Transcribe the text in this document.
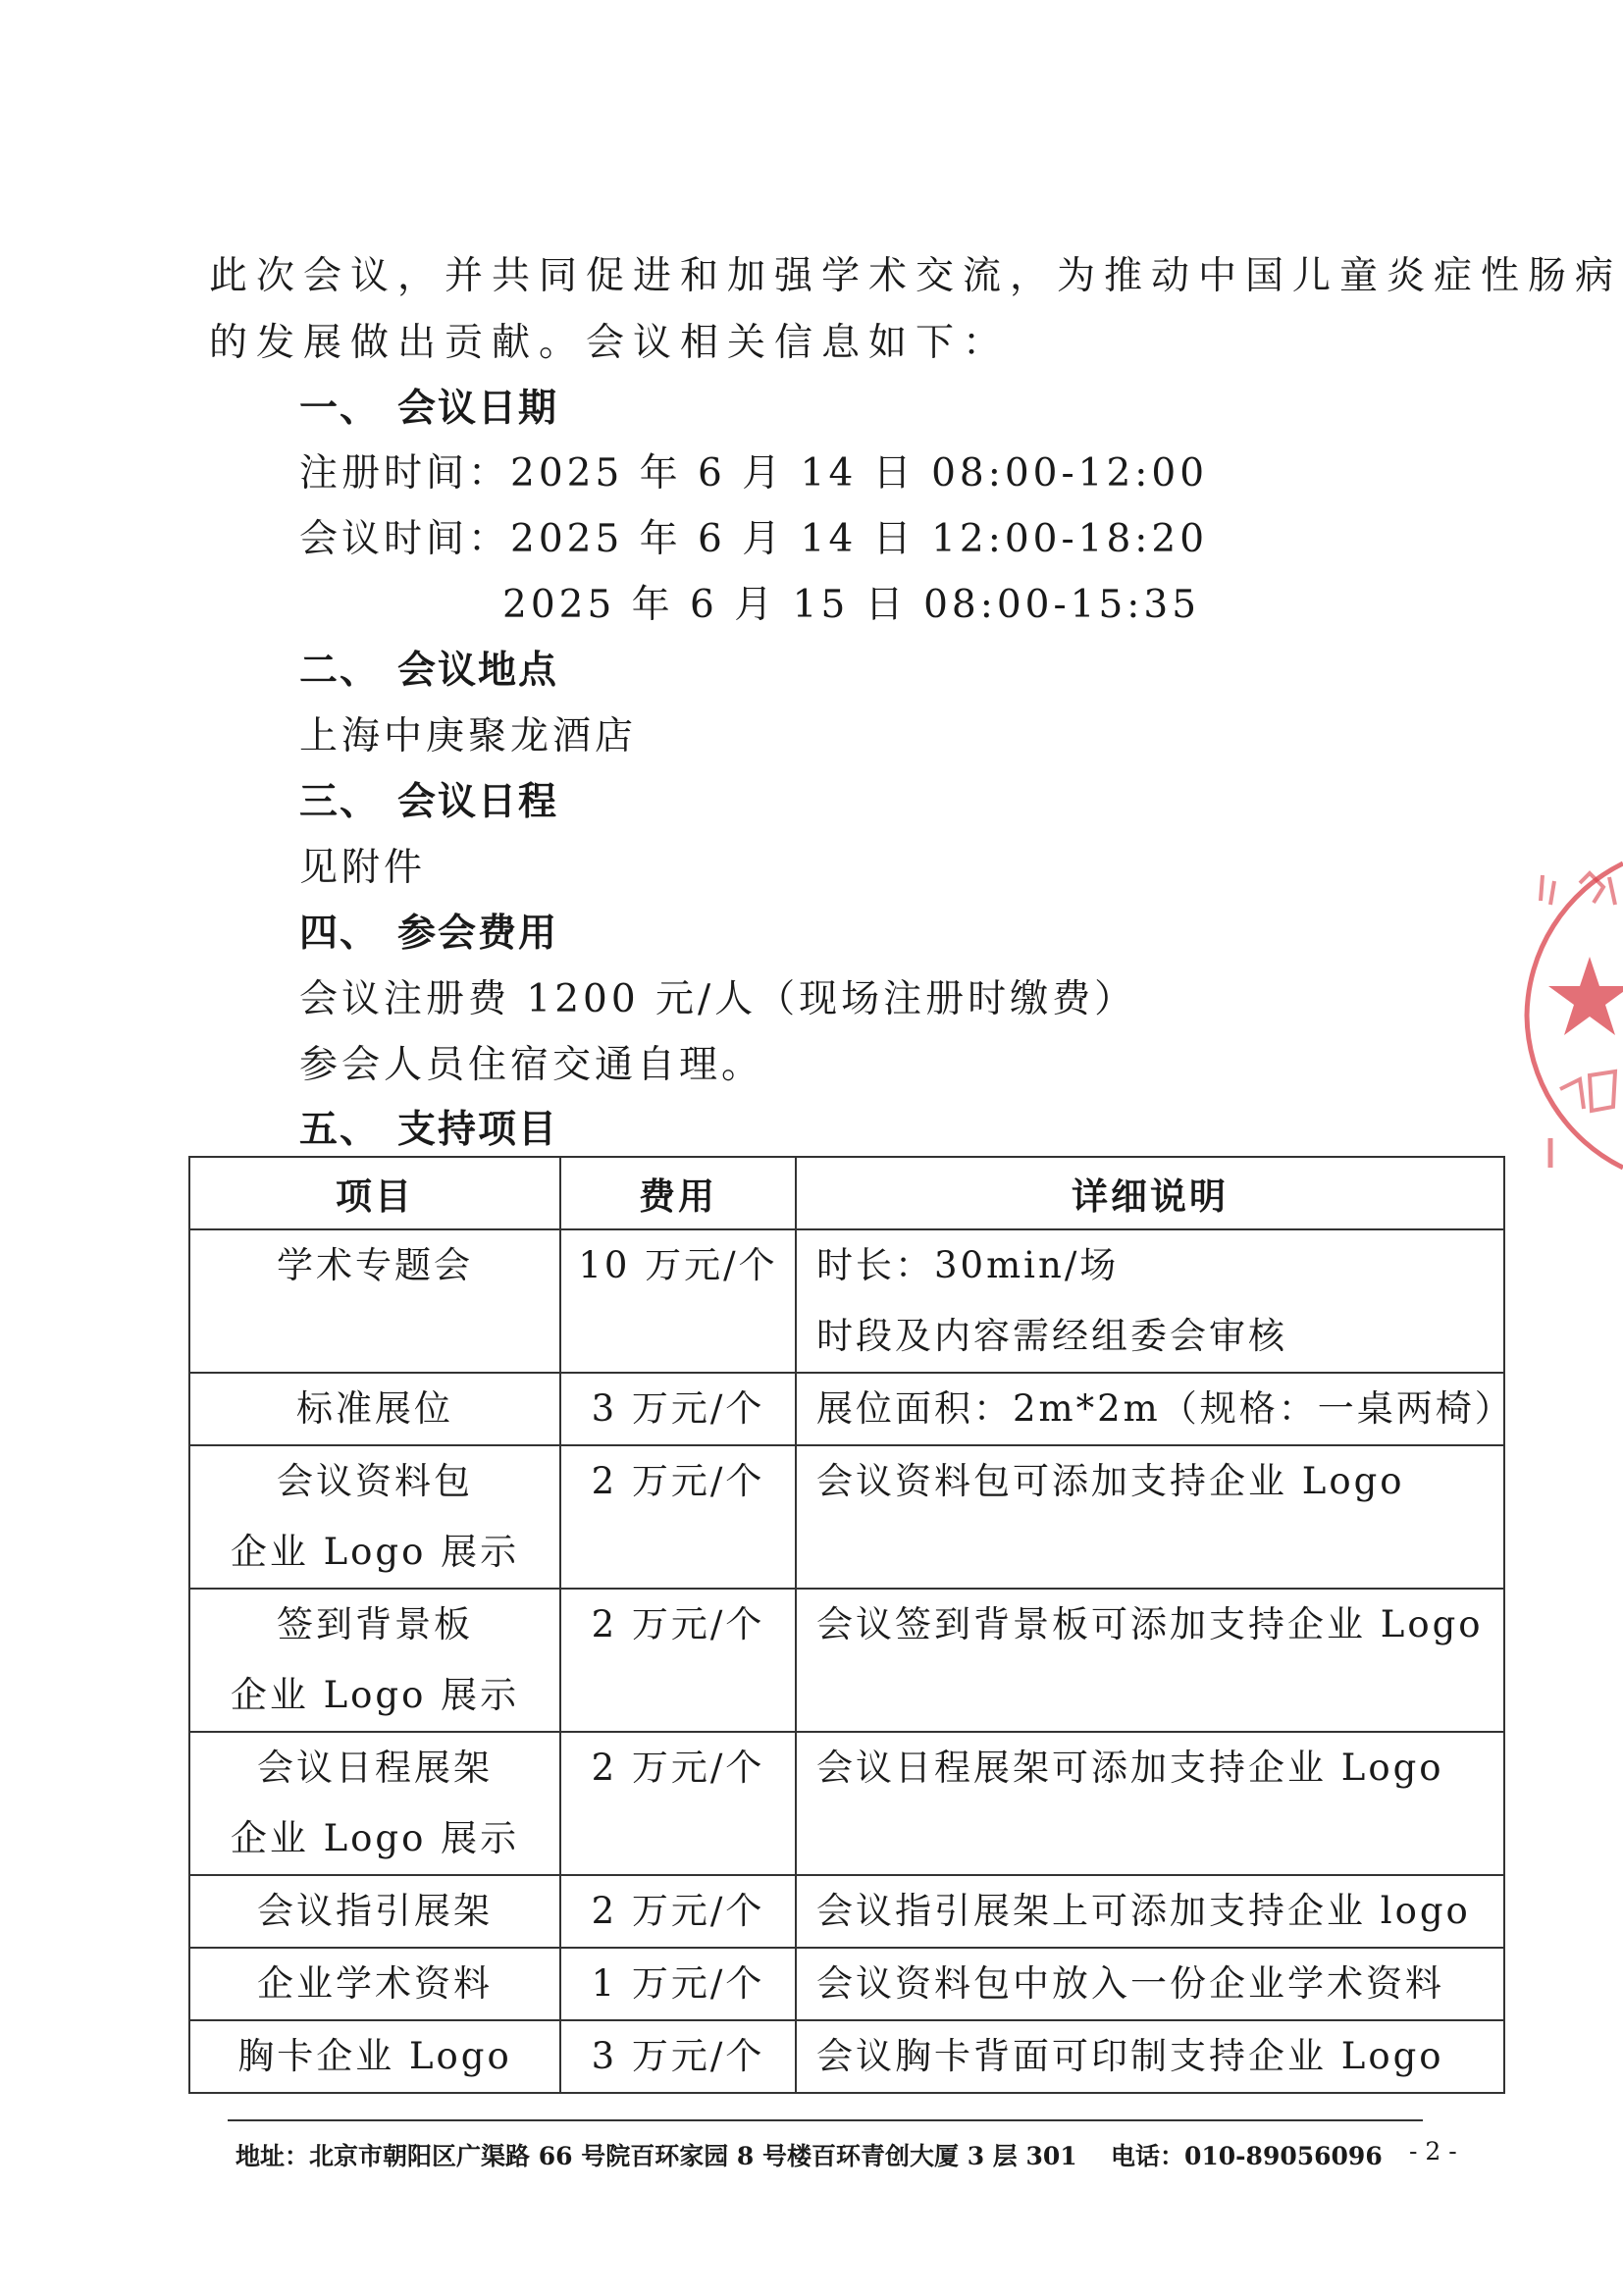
此次会议，并共同促进和加强学术交流，为推动中国儿童炎症性肠病
的发展做出贡献。会议相关信息如下：
一、 会议日期
注册时间：2025 年 6 月 14 日 08:00-12:00
会议时间：2025 年 6 月 14 日 12:00-18:20
2025 年 6 月 15 日 08:00-15:35
二、 会议地点
上海中庚聚龙酒店
三、 会议日程
见附件
四、 参会费用
会议注册费 1200 元/人（现场注册时缴费）
参会人员住宿交通自理。
五、 支持项目
项目	费用	详细说明

学术专题会	10 万元/个	时长：30min/场
时段及内容需经组委会审核

标准展位	3 万元/个	展位面积：2m*2m（规格：一桌两椅）

会议资料包
企业 Logo 展示	2 万元/个	会议资料包可添加支持企业 Logo

签到背景板
企业 Logo 展示	2 万元/个	会议签到背景板可添加支持企业 Logo

会议日程展架
企业 Logo 展示	2 万元/个	会议日程展架可添加支持企业 Logo

会议指引展架	2 万元/个	会议指引展架上可添加支持企业 logo

企业学术资料	1 万元/个	会议资料包中放入一份企业学术资料

胸卡企业 Logo	3 万元/个	会议胸卡背面可印制支持企业 Logo
地址：北京市朝阳区广渠路 66 号院百环家园 8 号楼百环青创大厦 3 层 301 电话：010-89056096 - 2 -
